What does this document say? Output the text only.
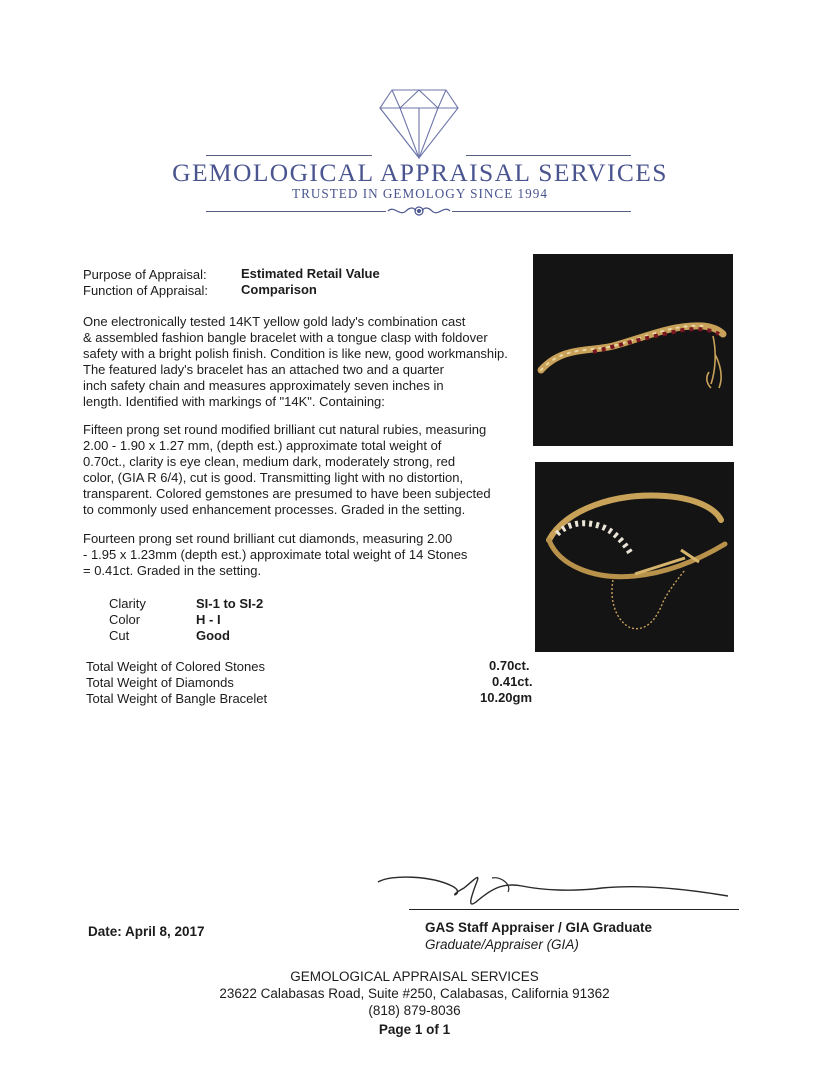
GEMOLOGICAL APPRAISAL SERVICES
TRUSTED IN GEMOLOGY SINCE 1994
Purpose of Appraisal:	Estimated Retail Value
Function of Appraisal:	Comparison
One electronically tested 14KT yellow gold lady's combination cast
& assembled fashion bangle bracelet with a tongue clasp with foldover
safety with a bright polish finish. Condition is like new, good workmanship.
The featured lady's bracelet has an attached two and a quarter
inch safety chain and measures approximately seven inches in
length. Identified with markings of "14K". Containing:
Fifteen prong set round modified brilliant cut natural rubies, measuring
2.00 - 1.90 x 1.27 mm, (depth est.) approximate total weight of
0.70ct., clarity is eye clean, medium dark, moderately strong, red
color, (GIA R 6/4), cut is good. Transmitting light with no distortion,
transparent. Colored gemstones are presumed to have been subjected
to commonly used enhancement processes. Graded in the setting.
Fourteen prong set round brilliant cut diamonds, measuring 2.00
- 1.95 x 1.23mm (depth est.) approximate total weight of 14 Stones
= 0.41ct. Graded in the setting.
Clarity	SI-1 to SI-2
Color	H - I
Cut	Good
Total Weight of Colored Stones	0.70ct.
Total Weight of Diamonds	0.41ct.
Total Weight of Bangle Bracelet	10.20gm
Date: April 8, 2017	GAS Staff Appraiser / GIA Graduate
Graduate/Appraiser (GIA)
GEMOLOGICAL APPRAISAL SERVICES
23622 Calabasas Road, Suite #250, Calabasas, California 91362
(818) 879-8036
Page 1 of 1
